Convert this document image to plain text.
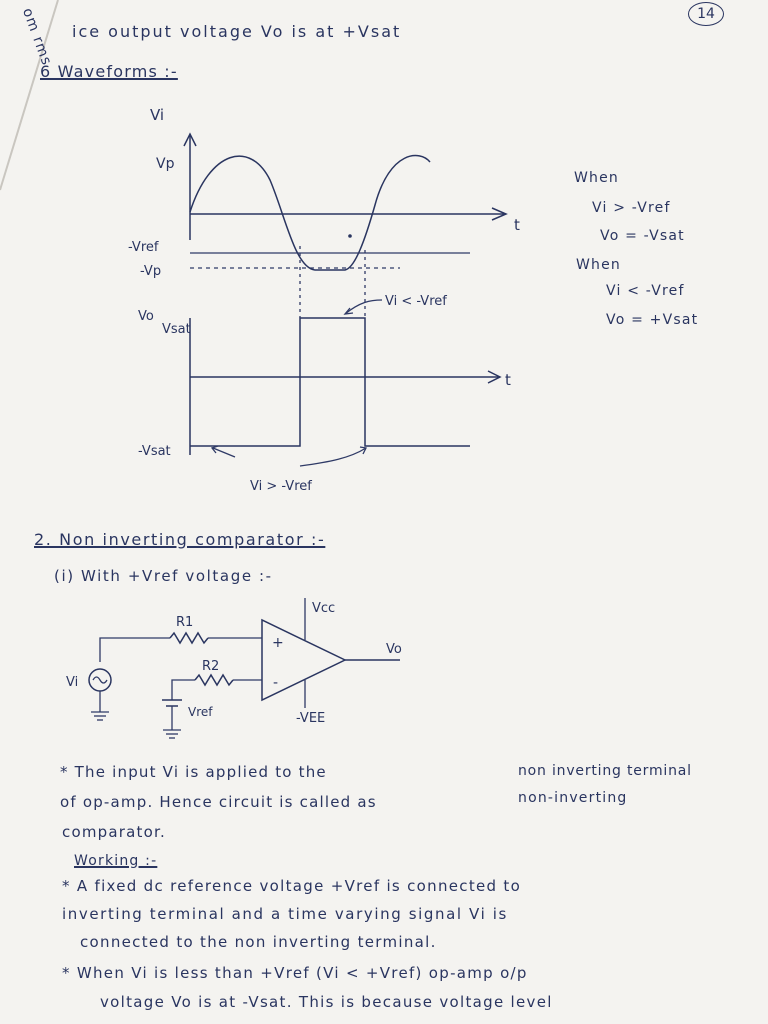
om rms	14
ice output voltage Vo is at +Vsat
6 Waveforms :-
Vi
Vp
-Vref
-Vp
Vo
Vsat
-Vsat
t
t
Vi < -Vref
Vi > -Vref
When
Vi > -Vref
Vo = -Vsat
When
Vi < -Vref
Vo = +Vsat
2. Non inverting comparator :-
(i) With +Vref voltage :-
R1
R2
Vcc
-VEE
Vo
Vi
Vref
+
-
* The input Vi is applied to the	non inverting terminal
of op-amp. Hence circuit is called as	non-inverting
comparator.
Working :-
* A fixed dc reference voltage +Vref is connected to
inverting terminal and a time varying signal Vi is
connected to the non inverting terminal.
* When Vi is less than +Vref (Vi < +Vref) op-amp o/p
voltage Vo is at -Vsat. This is because voltage level
